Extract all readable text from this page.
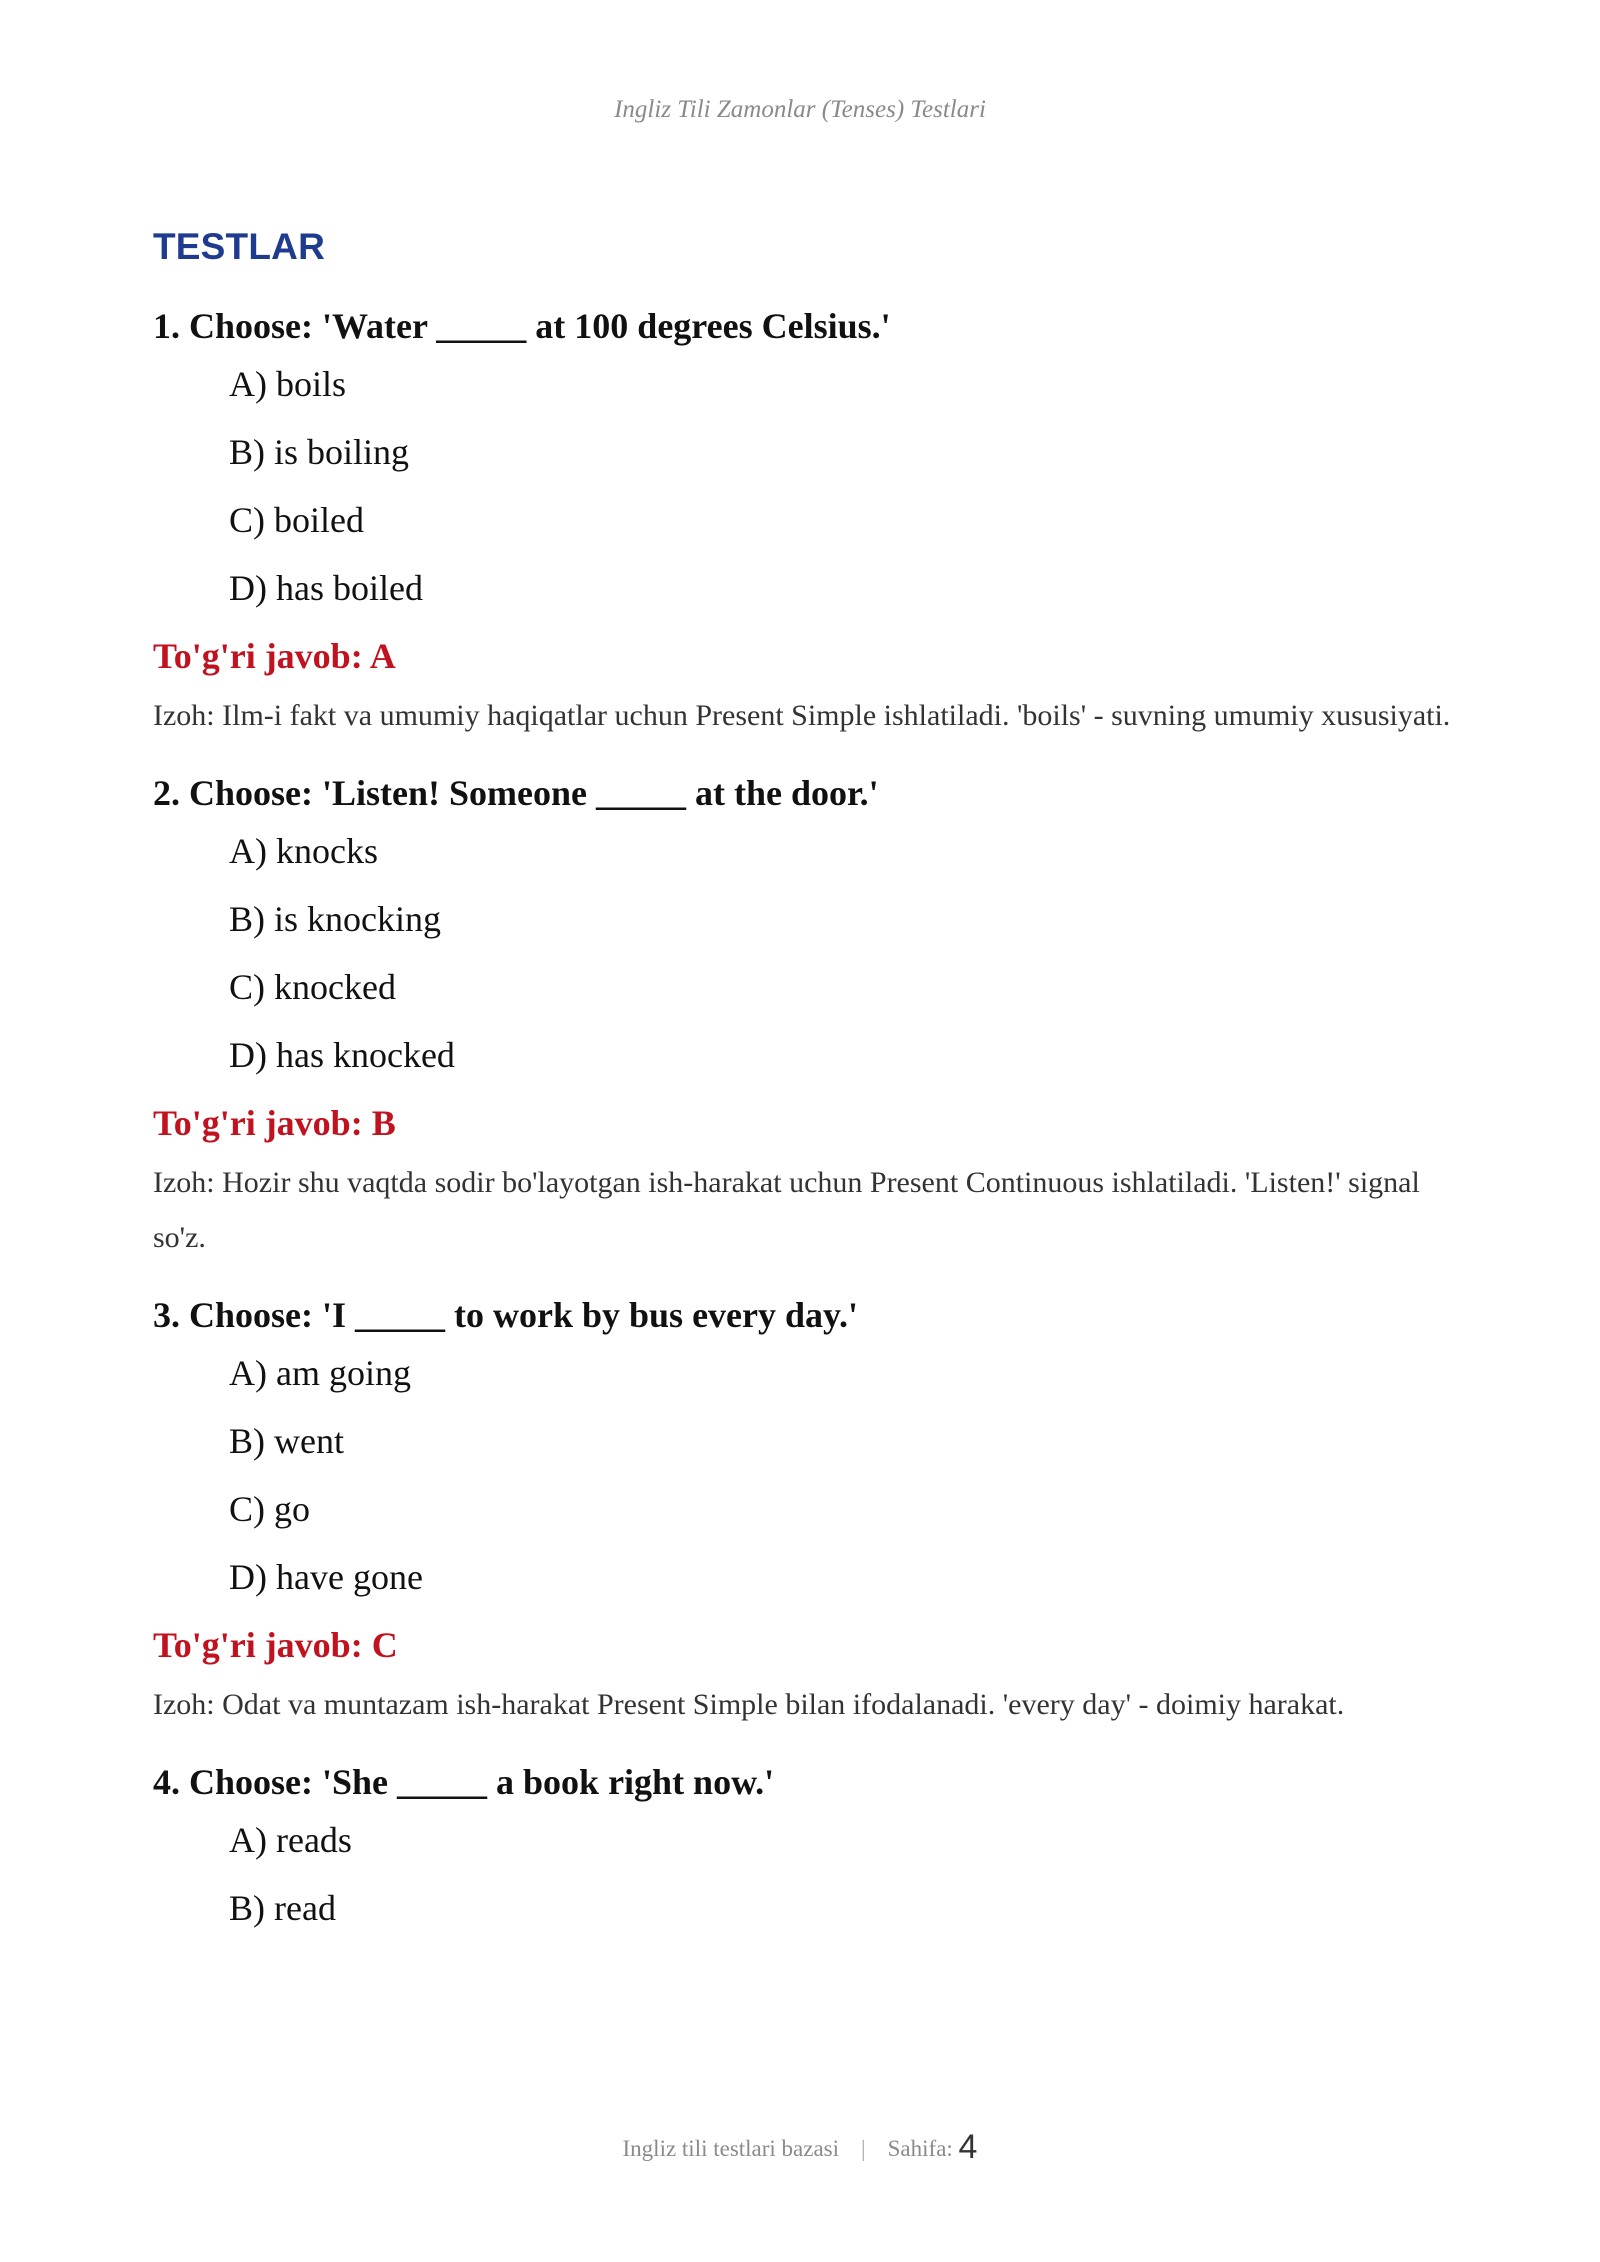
Ingliz Tili Zamonlar (Tenses) Testlari
TESTLAR
1. Choose: 'Water _____ at 100 degrees Celsius.'
A) boils
B) is boiling
C) boiled
D) has boiled
To'g'ri javob: A
Izoh: Ilm-i fakt va umumiy haqiqatlar uchun Present Simple ishlatiladi. 'boils' - suvning umumiy xususiyati.
2. Choose: 'Listen! Someone _____ at the door.'
A) knocks
B) is knocking
C) knocked
D) has knocked
To'g'ri javob: B
Izoh: Hozir shu vaqtda sodir bo'layotgan ish-harakat uchun Present Continuous ishlatiladi. 'Listen!' signal so'z.
3. Choose: 'I _____ to work by bus every day.'
A) am going
B) went
C) go
D) have gone
To'g'ri javob: C
Izoh: Odat va muntazam ish-harakat Present Simple bilan ifodalanadi. 'every day' - doimiy harakat.
4. Choose: 'She _____ a book right now.'
A) reads
B) read
Ingliz tili testlari bazasi | Sahifa: 4
